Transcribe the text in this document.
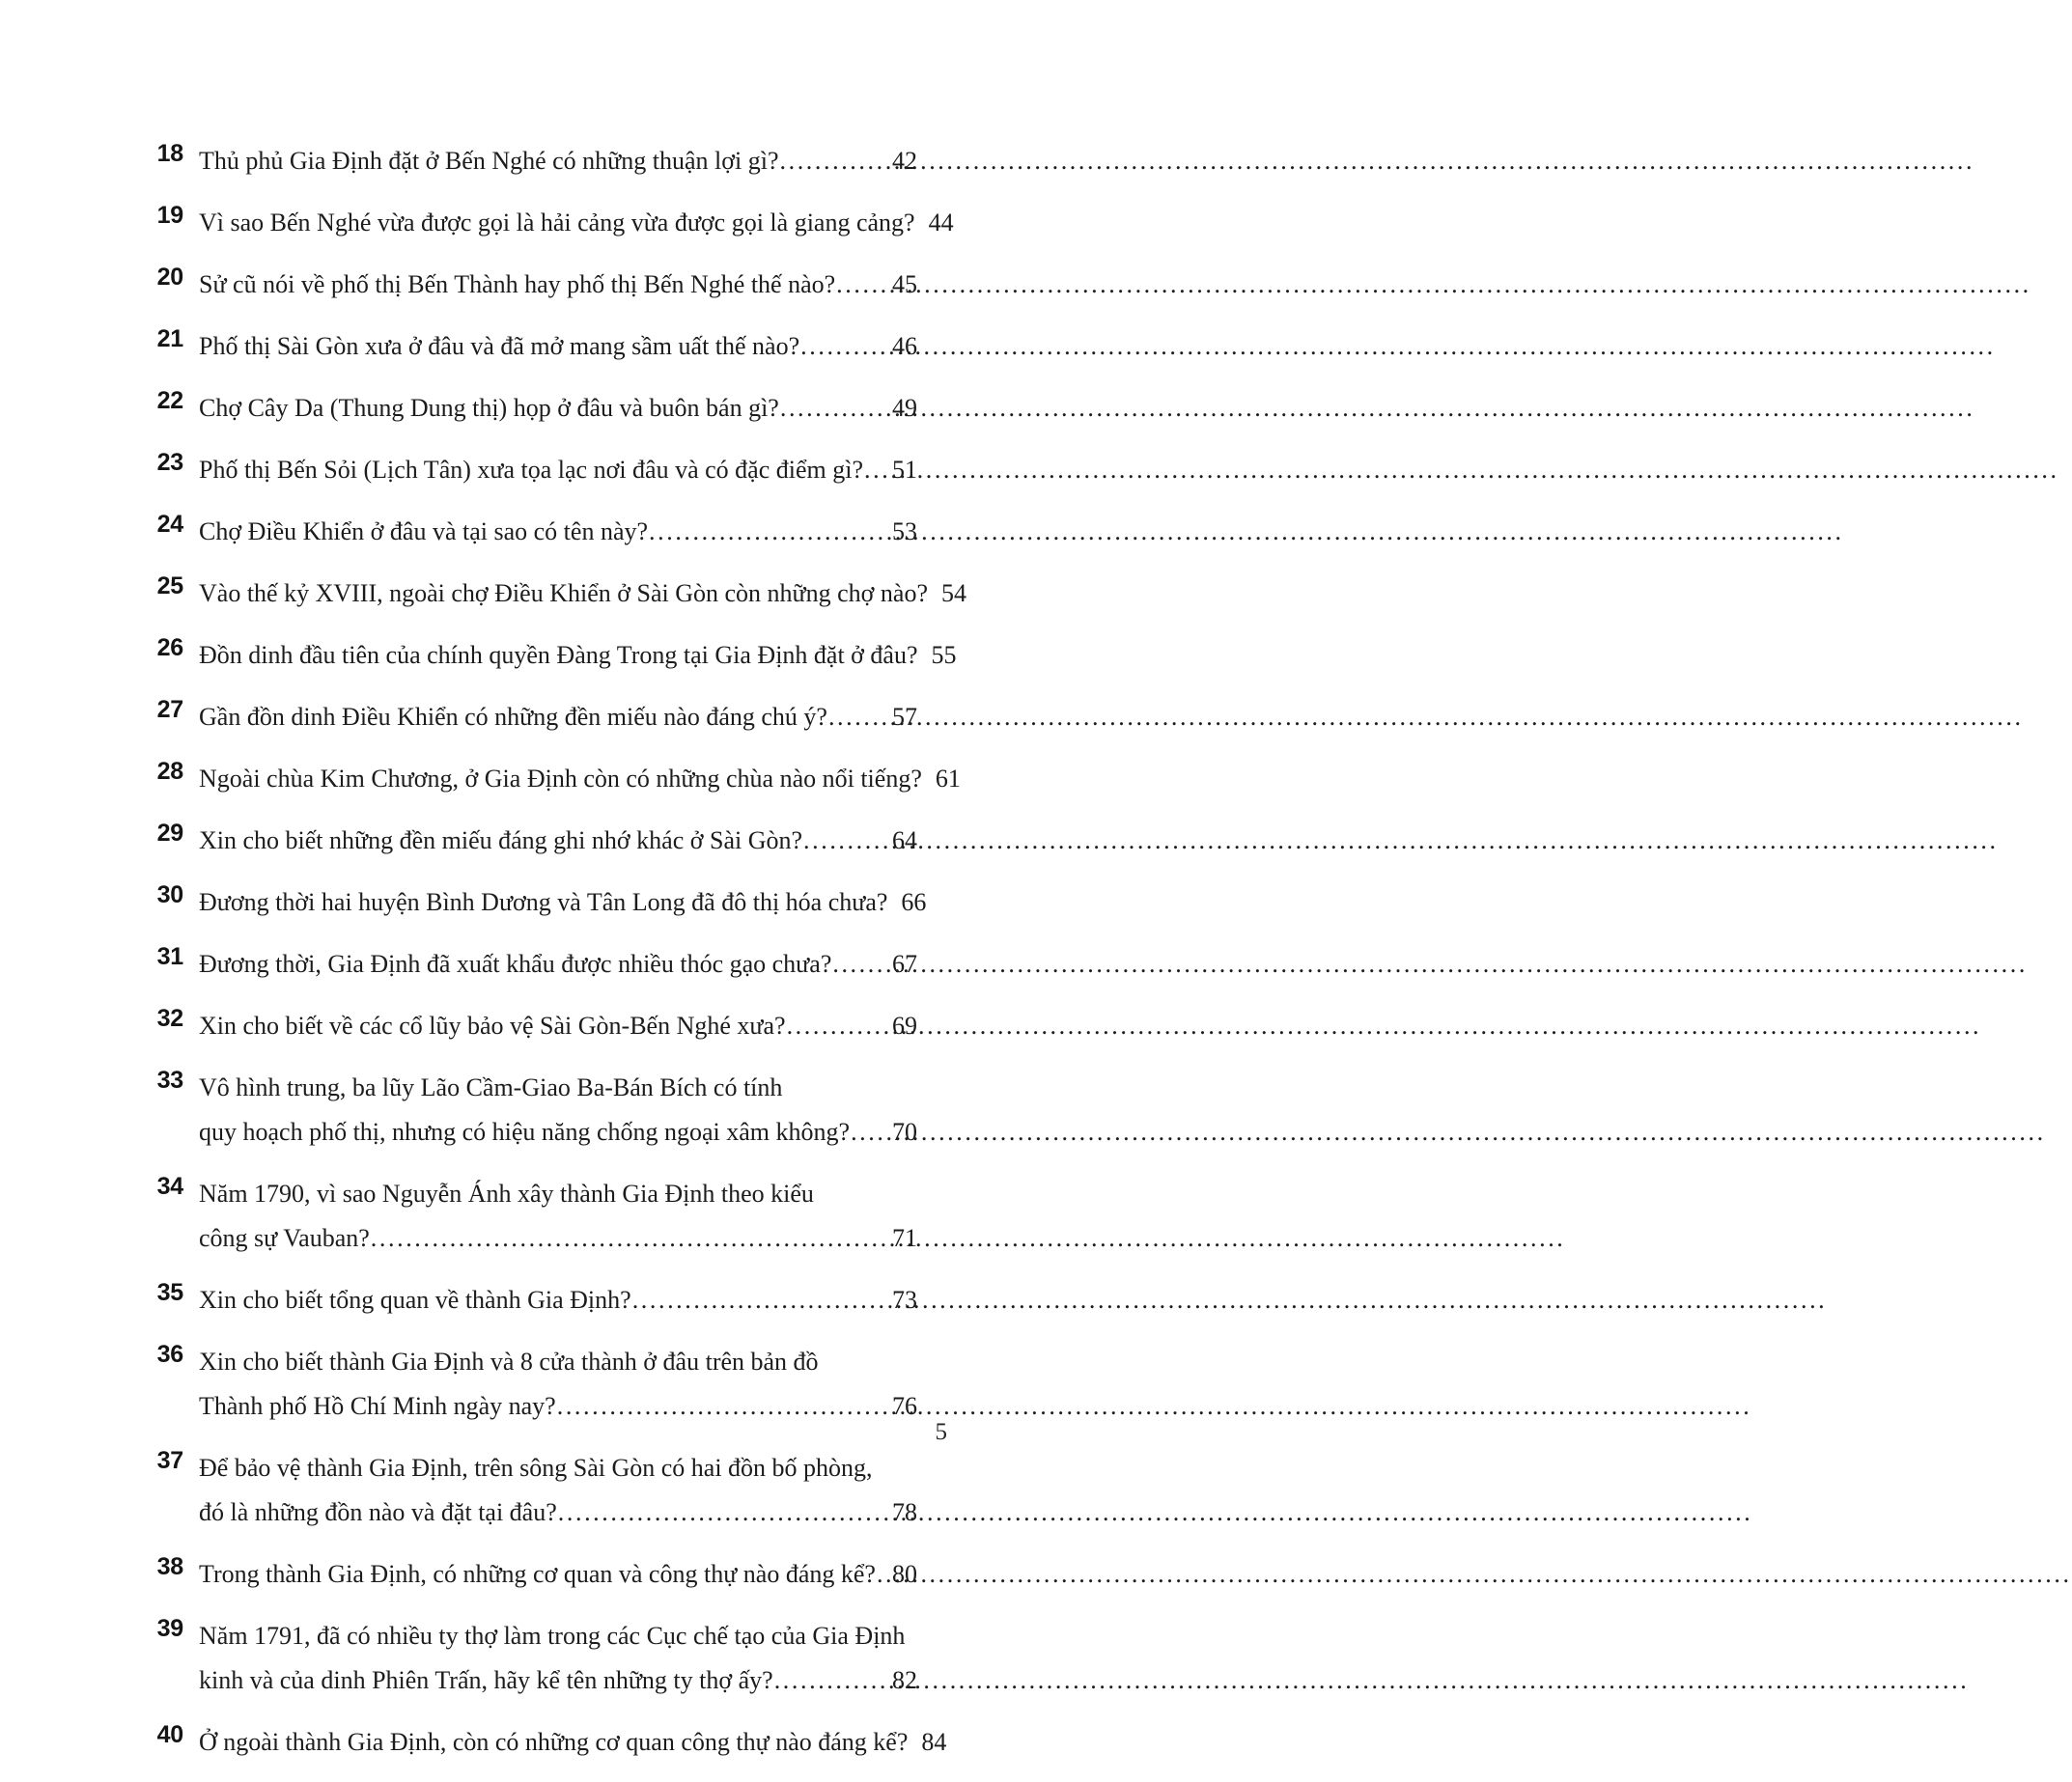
18 Thủ phủ Gia Định đặt ở Bến Nghé có những thuận lợi gì? .....	42
19 Vì sao Bến Nghé vừa được gọi là hải cảng vừa được gọi là giang cảng? 44
20 Sử cũ nói về phố thị Bến Thành hay phố thị Bến Nghé thế nào? .....	45
21 Phố thị Sài Gòn xưa ở đâu và đã mở mang sầm uất thế nào? .....	46
22 Chợ Cây Da (Thung Dung thị) họp ở đâu và buôn bán gì? .....	49
23 Phố thị Bến Sỏi (Lịch Tân) xưa tọa lạc nơi đâu và có đặc điểm gì? .....	51
24 Chợ Điều Khiển ở đâu và tại sao có tên này? .....	53
25 Vào thế kỷ XVIII, ngoài chợ Điều Khiển ở Sài Gòn còn những chợ nào? 54
26 Đồn dinh đầu tiên của chính quyền Đàng Trong tại Gia Định đặt ở đâu? 55
27 Gần đồn dinh Điều Khiển có những đền miếu nào đáng chú ý? .....	57
28 Ngoài chùa Kim Chương, ở Gia Định còn có những chùa nào nổi tiếng? 61
29 Xin cho biết những đền miếu đáng ghi nhớ khác ở Sài Gòn? .....	64
30 Đương thời hai huyện Bình Dương và Tân Long đã đô thị hóa chưa? 66
31 Đương thời, Gia Định đã xuất khẩu được nhiều thóc gạo chưa? .....	67
32 Xin cho biết về các cổ lũy bảo vệ Sài Gòn-Bến Nghé xưa? .....	69
33 Vô hình trung, ba lũy Lão Cầm-Giao Ba-Bán Bích có tính
quy hoạch phố thị, nhưng có hiệu năng chống ngoại xâm không? .....	70
34 Năm 1790, vì sao Nguyễn Ánh xây thành Gia Định theo kiểu
công sự Vauban? .....	71
35 Xin cho biết tổng quan về thành Gia Định? .....	73
36 Xin cho biết thành Gia Định và 8 cửa thành ở đâu trên bản đồ
Thành phố Hồ Chí Minh ngày nay? .....	76
37 Để bảo vệ thành Gia Định, trên sông Sài Gòn có hai đồn bố phòng,
đó là những đồn nào và đặt tại đâu? .....	78
38 Trong thành Gia Định, có những cơ quan và công thự nào đáng kể? ..... 80
39 Năm 1791, đã có nhiều ty thợ làm trong các Cục chế tạo của Gia Định
kinh và của dinh Phiên Trấn, hãy kể tên những ty thợ ấy? .....	82
40 Ở ngoài thành Gia Định, còn có những cơ quan công thự nào đáng kể? 84
5
